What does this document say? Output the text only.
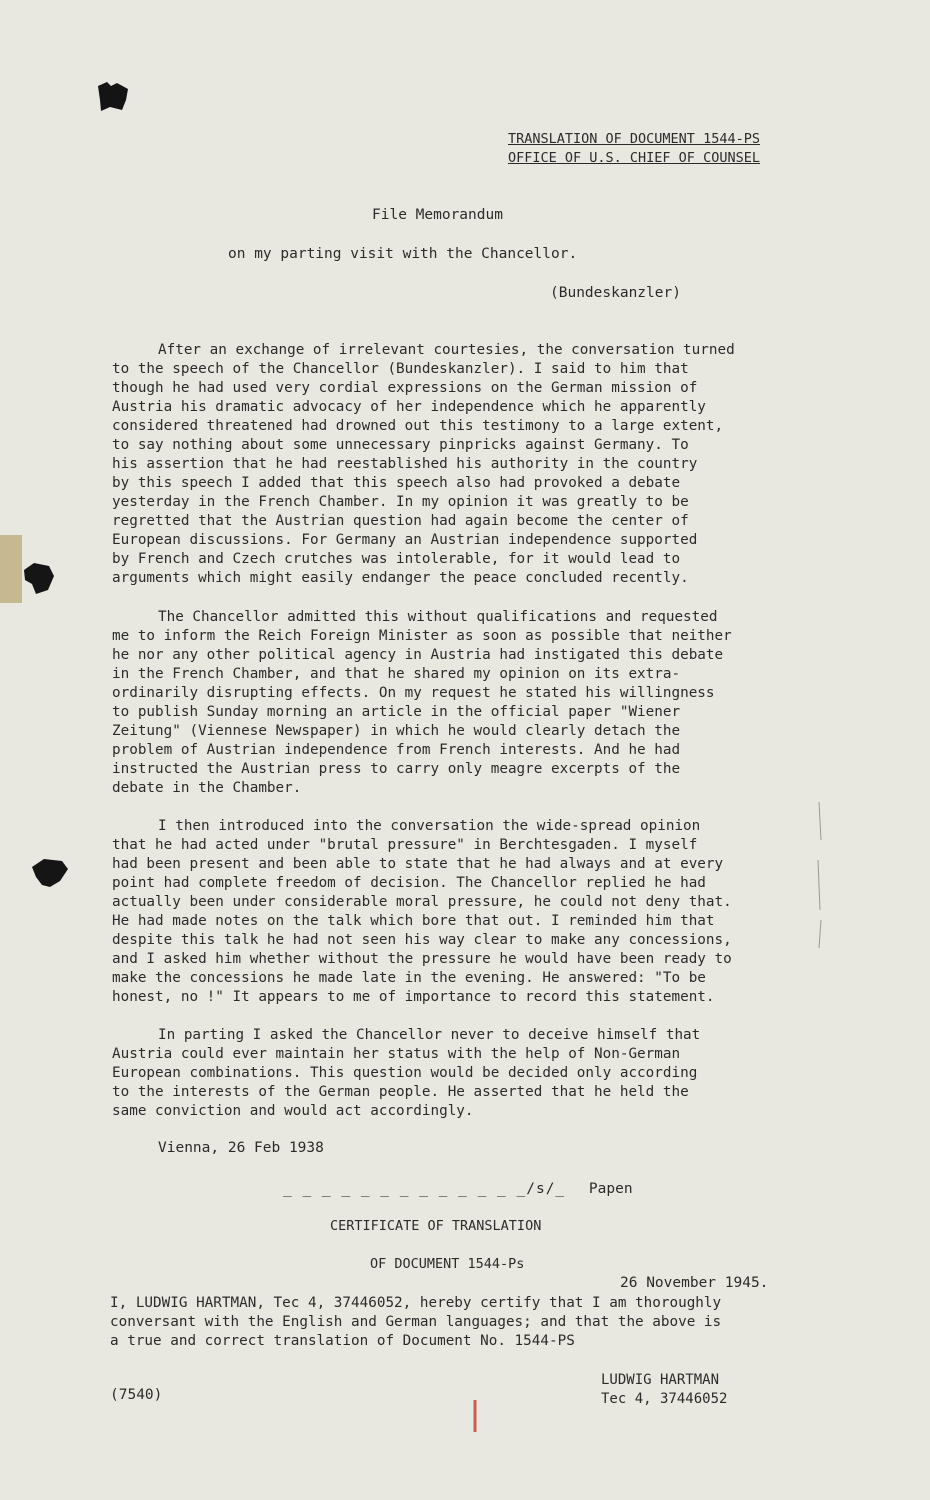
TRANSLATION OF DOCUMENT 1544-PS
OFFICE OF U.S. CHIEF OF COUNSEL
File Memorandum
on my parting visit with the Chancellor.
(Bundeskanzler)
After an exchange of irrelevant courtesies, the conversation turned
to the speech of the Chancellor (Bundeskanzler). I said to him that
though he had used very cordial expressions on the German mission of
Austria his dramatic advocacy of her independence which he apparently
considered threatened had drowned out this testimony to a large extent,
to say nothing about some unnecessary pinpricks against Germany. To
his assertion that he had reestablished his authority in the country
by this speech I added that this speech also had provoked a debate
yesterday in the French Chamber. In my opinion it was greatly to be
regretted that the Austrian question had again become the center of
European discussions. For Germany an Austrian independence supported
by French and Czech crutches was intolerable, for it would lead to
arguments which might easily endanger the peace concluded recently.
The Chancellor admitted this without qualifications and requested
me to inform the Reich Foreign Minister as soon as possible that neither
he nor any other political agency in Austria had instigated this debate
in the French Chamber, and that he shared my opinion on its extra-
ordinarily disrupting effects. On my request he stated his willingness
to publish Sunday morning an article in the official paper "Wiener
Zeitung" (Viennese Newspaper) in which he would clearly detach the
problem of Austrian independence from French interests. And he had
instructed the Austrian press to carry only meagre excerpts of the
debate in the Chamber.
I then introduced into the conversation the wide-spread opinion
that he had acted under "brutal pressure" in Berchtesgaden. I myself
had been present and been able to state that he had always and at every
point had complete freedom of decision. The Chancellor replied he had
actually been under considerable moral pressure, he could not deny that.
He had made notes on the talk which bore that out. I reminded him that
despite this talk he had not seen his way clear to make any concessions,
and I asked him whether without the pressure he would have been ready to
make the concessions he made late in the evening. He answered: "To be
honest, no !" It appears to me of importance to record this statement.
In parting I asked the Chancellor never to deceive himself that
Austria could ever maintain her status with the help of Non-German
European combinations. This question would be decided only according
to the interests of the German people. He asserted that he held the
same conviction and would act accordingly.
Vienna, 26 Feb 1938
_ _ _ _ _ _ _ _ _ _ _ _ _/s/_ Papen
CERTIFICATE OF TRANSLATION
OF DOCUMENT 1544-Ps
26 November 1945.
I, LUDWIG HARTMAN, Tec 4, 37446052, hereby certify that I am thoroughly
conversant with the English and German languages; and that the above is
a true and correct translation of Document No. 1544-PS
LUDWIG HARTMAN
Tec 4, 37446052
(7540)
